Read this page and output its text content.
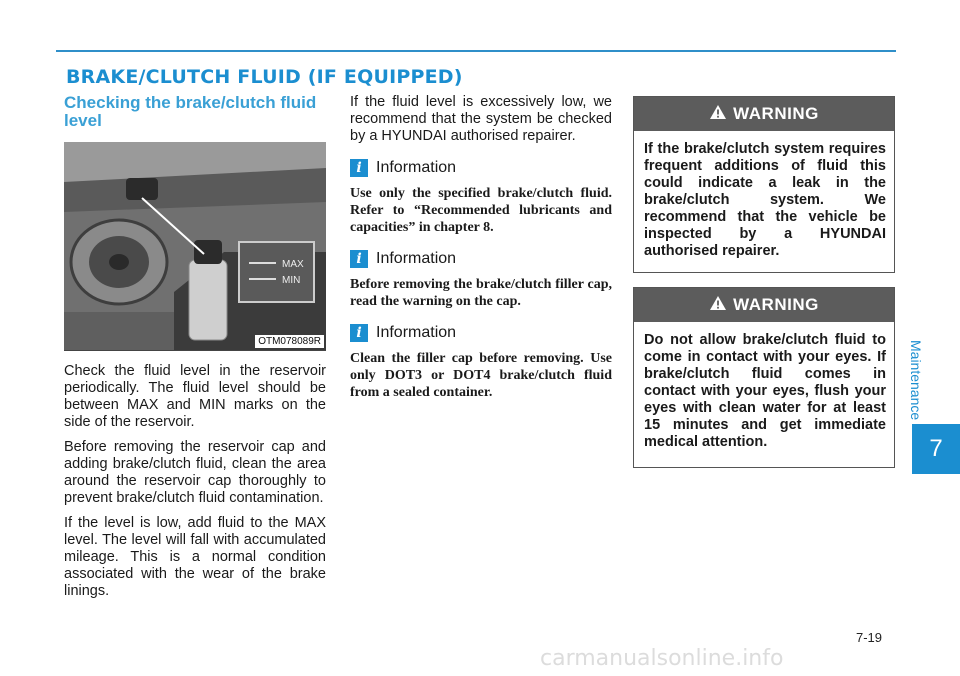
BRAKE/CLUTCH FLUID (IF EQUIPPED)
Checking the brake/clutch fluid level
MAX
MIN
OTM078089R

Check the fluid level in the reservoir periodically. The fluid level should be between MAX and MIN marks on the side of the reservoir.

Before removing the reservoir cap and adding brake/clutch fluid, clean the area around the reservoir cap thoroughly to prevent brake/clutch fluid contamination.

If the level is low, add fluid to the MAX level. The level will fall with accumulated mileage. This is a normal condition associated with the wear of the brake linings.

If the fluid level is excessively low, we recommend that the system be checked by a HYUNDAI authorised repairer.

i Information

Use only the specified brake/clutch fluid. Refer to “Recommended lubricants and capacities” in chapter 8.

i Information

Before removing the brake/clutch filler cap, read the warning on the cap.

i Information

Clean the filler cap before removing. Use only DOT3 or DOT4 brake/clutch fluid from a sealed container.

WARNING

If the brake/clutch system requires frequent additions of fluid this could indicate a leak in the brake/clutch system. We recommend that the vehicle be inspected by a HYUNDAI authorised repairer.

WARNING

Do not allow brake/clutch fluid to come in contact with your eyes. If brake/clutch fluid comes in contact with your eyes, flush your eyes with clean water for at least 15 minutes and get immediate medical attention.

Maintenance
7
7-19
carmanualsonline.info
